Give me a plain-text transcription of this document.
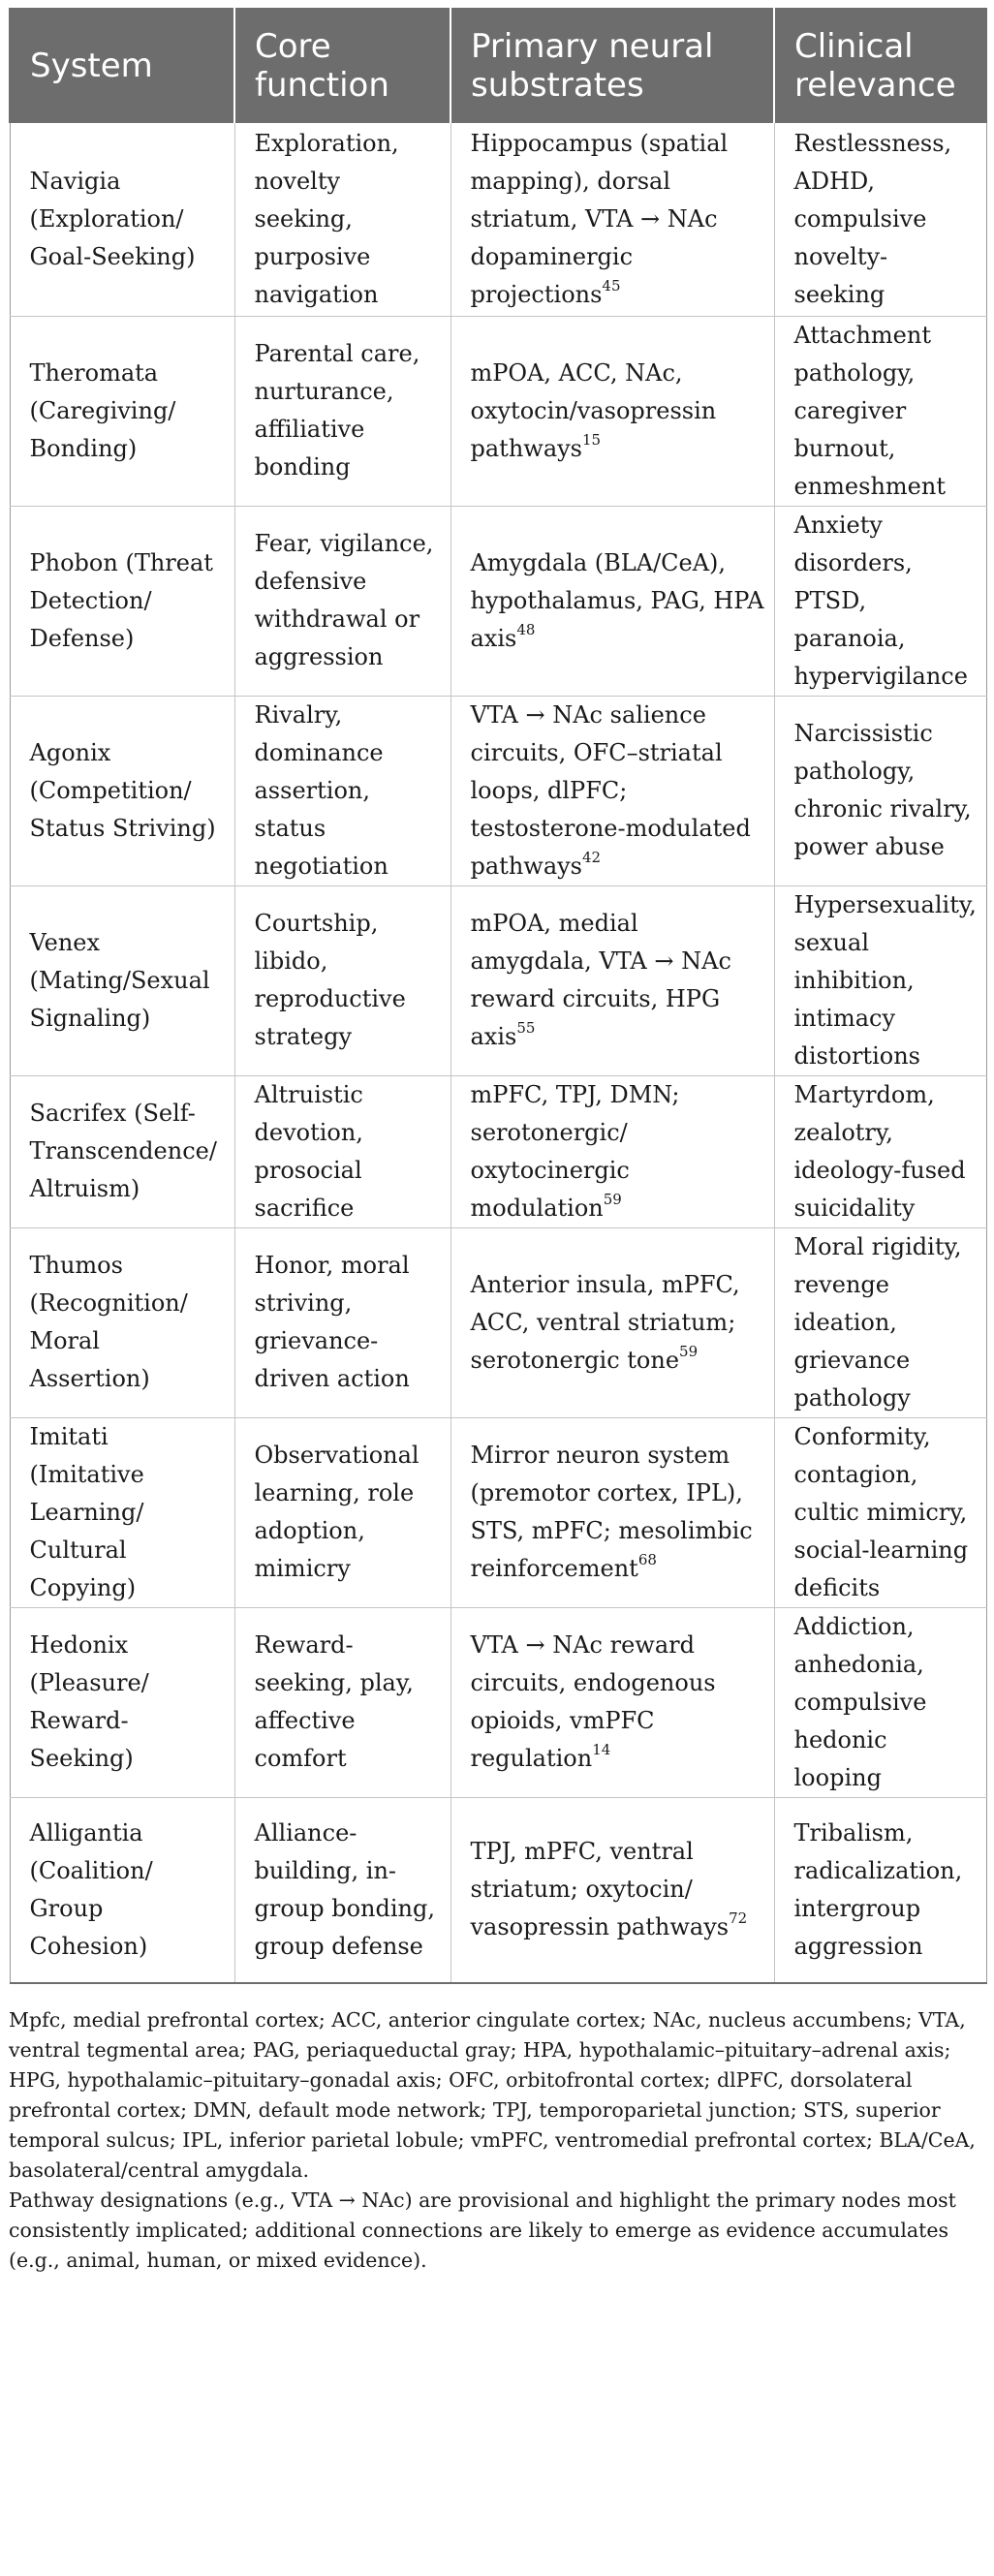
System	Core function	Primary neural substrates	Clinical relevance
Navigia (Exploration/ Goal-Seeking)	Exploration, novelty seeking, purposive navigation	Hippocampus (spatial mapping), dorsal striatum, VTA → NAc dopaminergic projections$^{45}$	Restlessness, ADHD, compulsive novelty-seeking
Theromata (Caregiving/ Bonding)	Parental care, nurturance, affiliative bonding	mPOA, ACC, NAc, oxytocin/vasopressin pathways$^{15}$	Attachment pathology, caregiver burnout, enmeshment
Phobon (Threat Detection/ Defense)	Fear, vigilance, defensive withdrawal or aggression	Amygdala (BLA/CeA), hypothalamus, PAG, HPA axis$^{48}$	Anxiety disorders, PTSD, paranoia, hypervigilance
Agonix (Competition/ Status Striving)	Rivalry, dominance assertion, status negotiation	VTA → NAc salience circuits, OFC–striatal loops, dlPFC; testosterone-modulated pathways$^{42}$	Narcissistic pathology, chronic rivalry, power abuse
Venex (Mating/Sexual Signaling)	Courtship, libido, reproductive strategy	mPOA, medial amygdala, VTA → NAc reward circuits, HPG axis$^{55}$	Hypersexuality, sexual inhibition, intimacy distortions
Sacrifex (Self-Transcendence/ Altruism)	Altruistic devotion, prosocial sacrifice	mPFC, TPJ, DMN; serotonergic/ oxytocinergic modulation$^{59}$	Martyrdom, zealotry, ideology-fused suicidality
Thumos (Recognition/ Moral Assertion)	Honor, moral striving, grievance-driven action	Anterior insula, mPFC, ACC, ventral striatum; serotonergic tone$^{59}$	Moral rigidity, revenge ideation, grievance pathology
Imitati (Imitative Learning/ Cultural Copying)	Observational learning, role adoption, mimicry	Mirror neuron system (premotor cortex, IPL), STS, mPFC; mesolimbic reinforcement$^{68}$	Conformity, contagion, cultic mimicry, social-learning deficits
Hedonix (Pleasure/ Reward-Seeking)	Reward-seeking, play, affective comfort	VTA → NAc reward circuits, endogenous opioids, vmPFC regulation$^{14}$	Addiction, anhedonia, compulsive hedonic looping
Alligantia (Coalition/ Group Cohesion)	Alliance-building, in-group bonding, group defense	TPJ, mPFC, ventral striatum; oxytocin/ vasopressin pathways$^{72}$	Tribalism, radicalization, intergroup aggression

Mpfc, medial prefrontal cortex; ACC, anterior cingulate cortex; NAc, nucleus accumbens; VTA, ventral tegmental area; PAG, periaqueductal gray; HPA, hypothalamic–pituitary–adrenal axis; HPG, hypothalamic–pituitary–gonadal axis; OFC, orbitofrontal cortex; dlPFC, dorsolateral prefrontal cortex; DMN, default mode network; TPJ, temporoparietal junction; STS, superior temporal sulcus; IPL, inferior parietal lobule; vmPFC, ventromedial prefrontal cortex; BLA/CeA, basolateral/central amygdala.

Pathway designations (e.g., VTA → NAc) are provisional and highlight the primary nodes most consistently implicated; additional connections are likely to emerge as evidence accumulates (e.g., animal, human, or mixed evidence).
